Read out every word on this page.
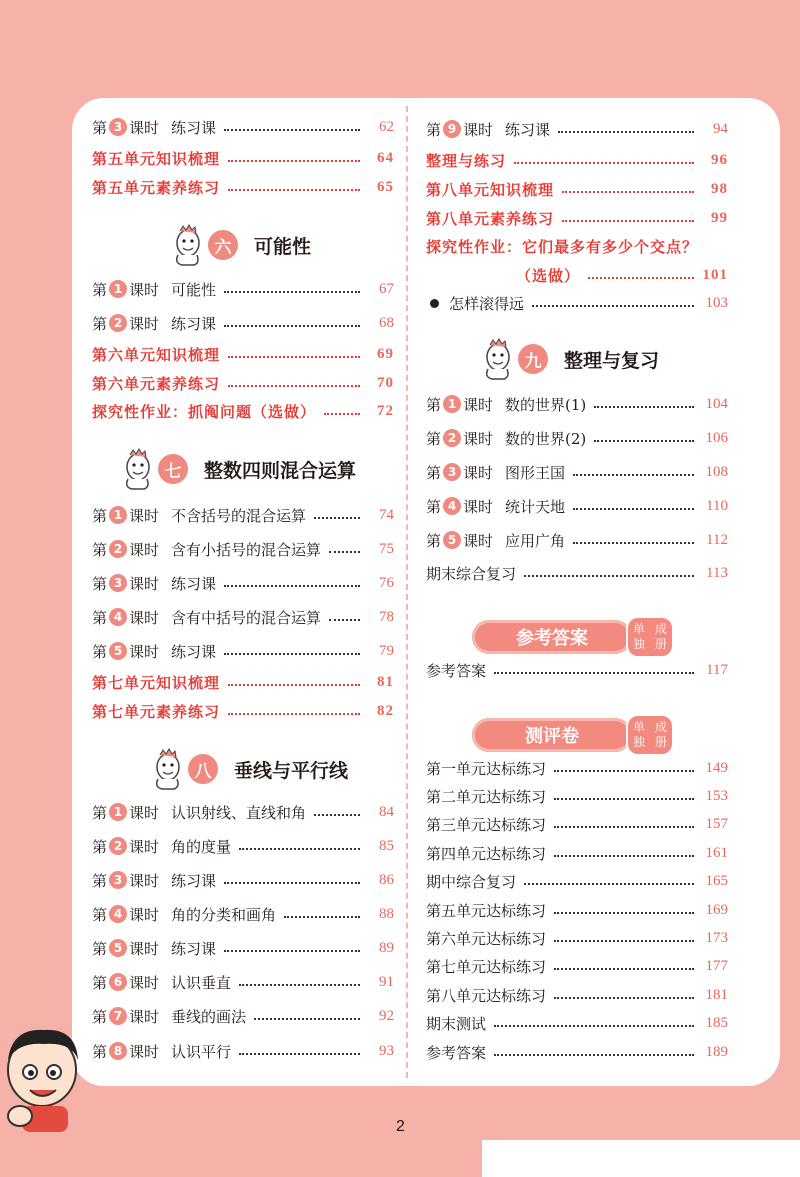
第 3 课时 练习课	62
第五单元知识梳理	64
第五单元素养练习	65
六	可能性
第 1 课时 可能性	67
第 2 课时 练习课	68
第六单元知识梳理	69
第六单元素养练习	70
探究性作业：抓阄问题（选做）	72
七	整数四则混合运算
第 1 课时 不含括号的混合运算	74
第 2 课时 含有小括号的混合运算	75
第 3 课时 练习课	76
第 4 课时 含有中括号的混合运算	78
第 5 课时 练习课	79
第七单元知识梳理	81
第七单元素养练习	82
八	垂线与平行线
第 1 课时 认识射线、直线和角	84
第 2 课时 角的度量	85
第 3 课时 练习课	86
第 4 课时 角的分类和画角	88
第 5 课时 练习课	89
第 6 课时 认识垂直	91
第 7 课时 垂线的画法	92
第 8 课时 认识平行	93
第 9 课时 练习课	94
整理与练习	96
第八单元知识梳理	98
第八单元素养练习	99
探究性作业：它们最多有多少个交点？
（选做）	101
怎样滚得远	103
九	整理与复习
第 1 课时 数的世界(1)	104
第 2 课时 数的世界(2)	106
第 3 课时 图形王国	108
第 4 课时 统计天地	110
第 5 课时 应用广角	112
期末综合复习	113
参考答案	单独

成册
参考答案	117
测评卷	单独

成册
第一单元达标练习	149
第二单元达标练习	153
第三单元达标练习	157
第四单元达标练习	161
期中综合复习	165
第五单元达标练习	169
第六单元达标练习	173
第七单元达标练习	177
第八单元达标练习	181
期末测试	185
参考答案	189
2
